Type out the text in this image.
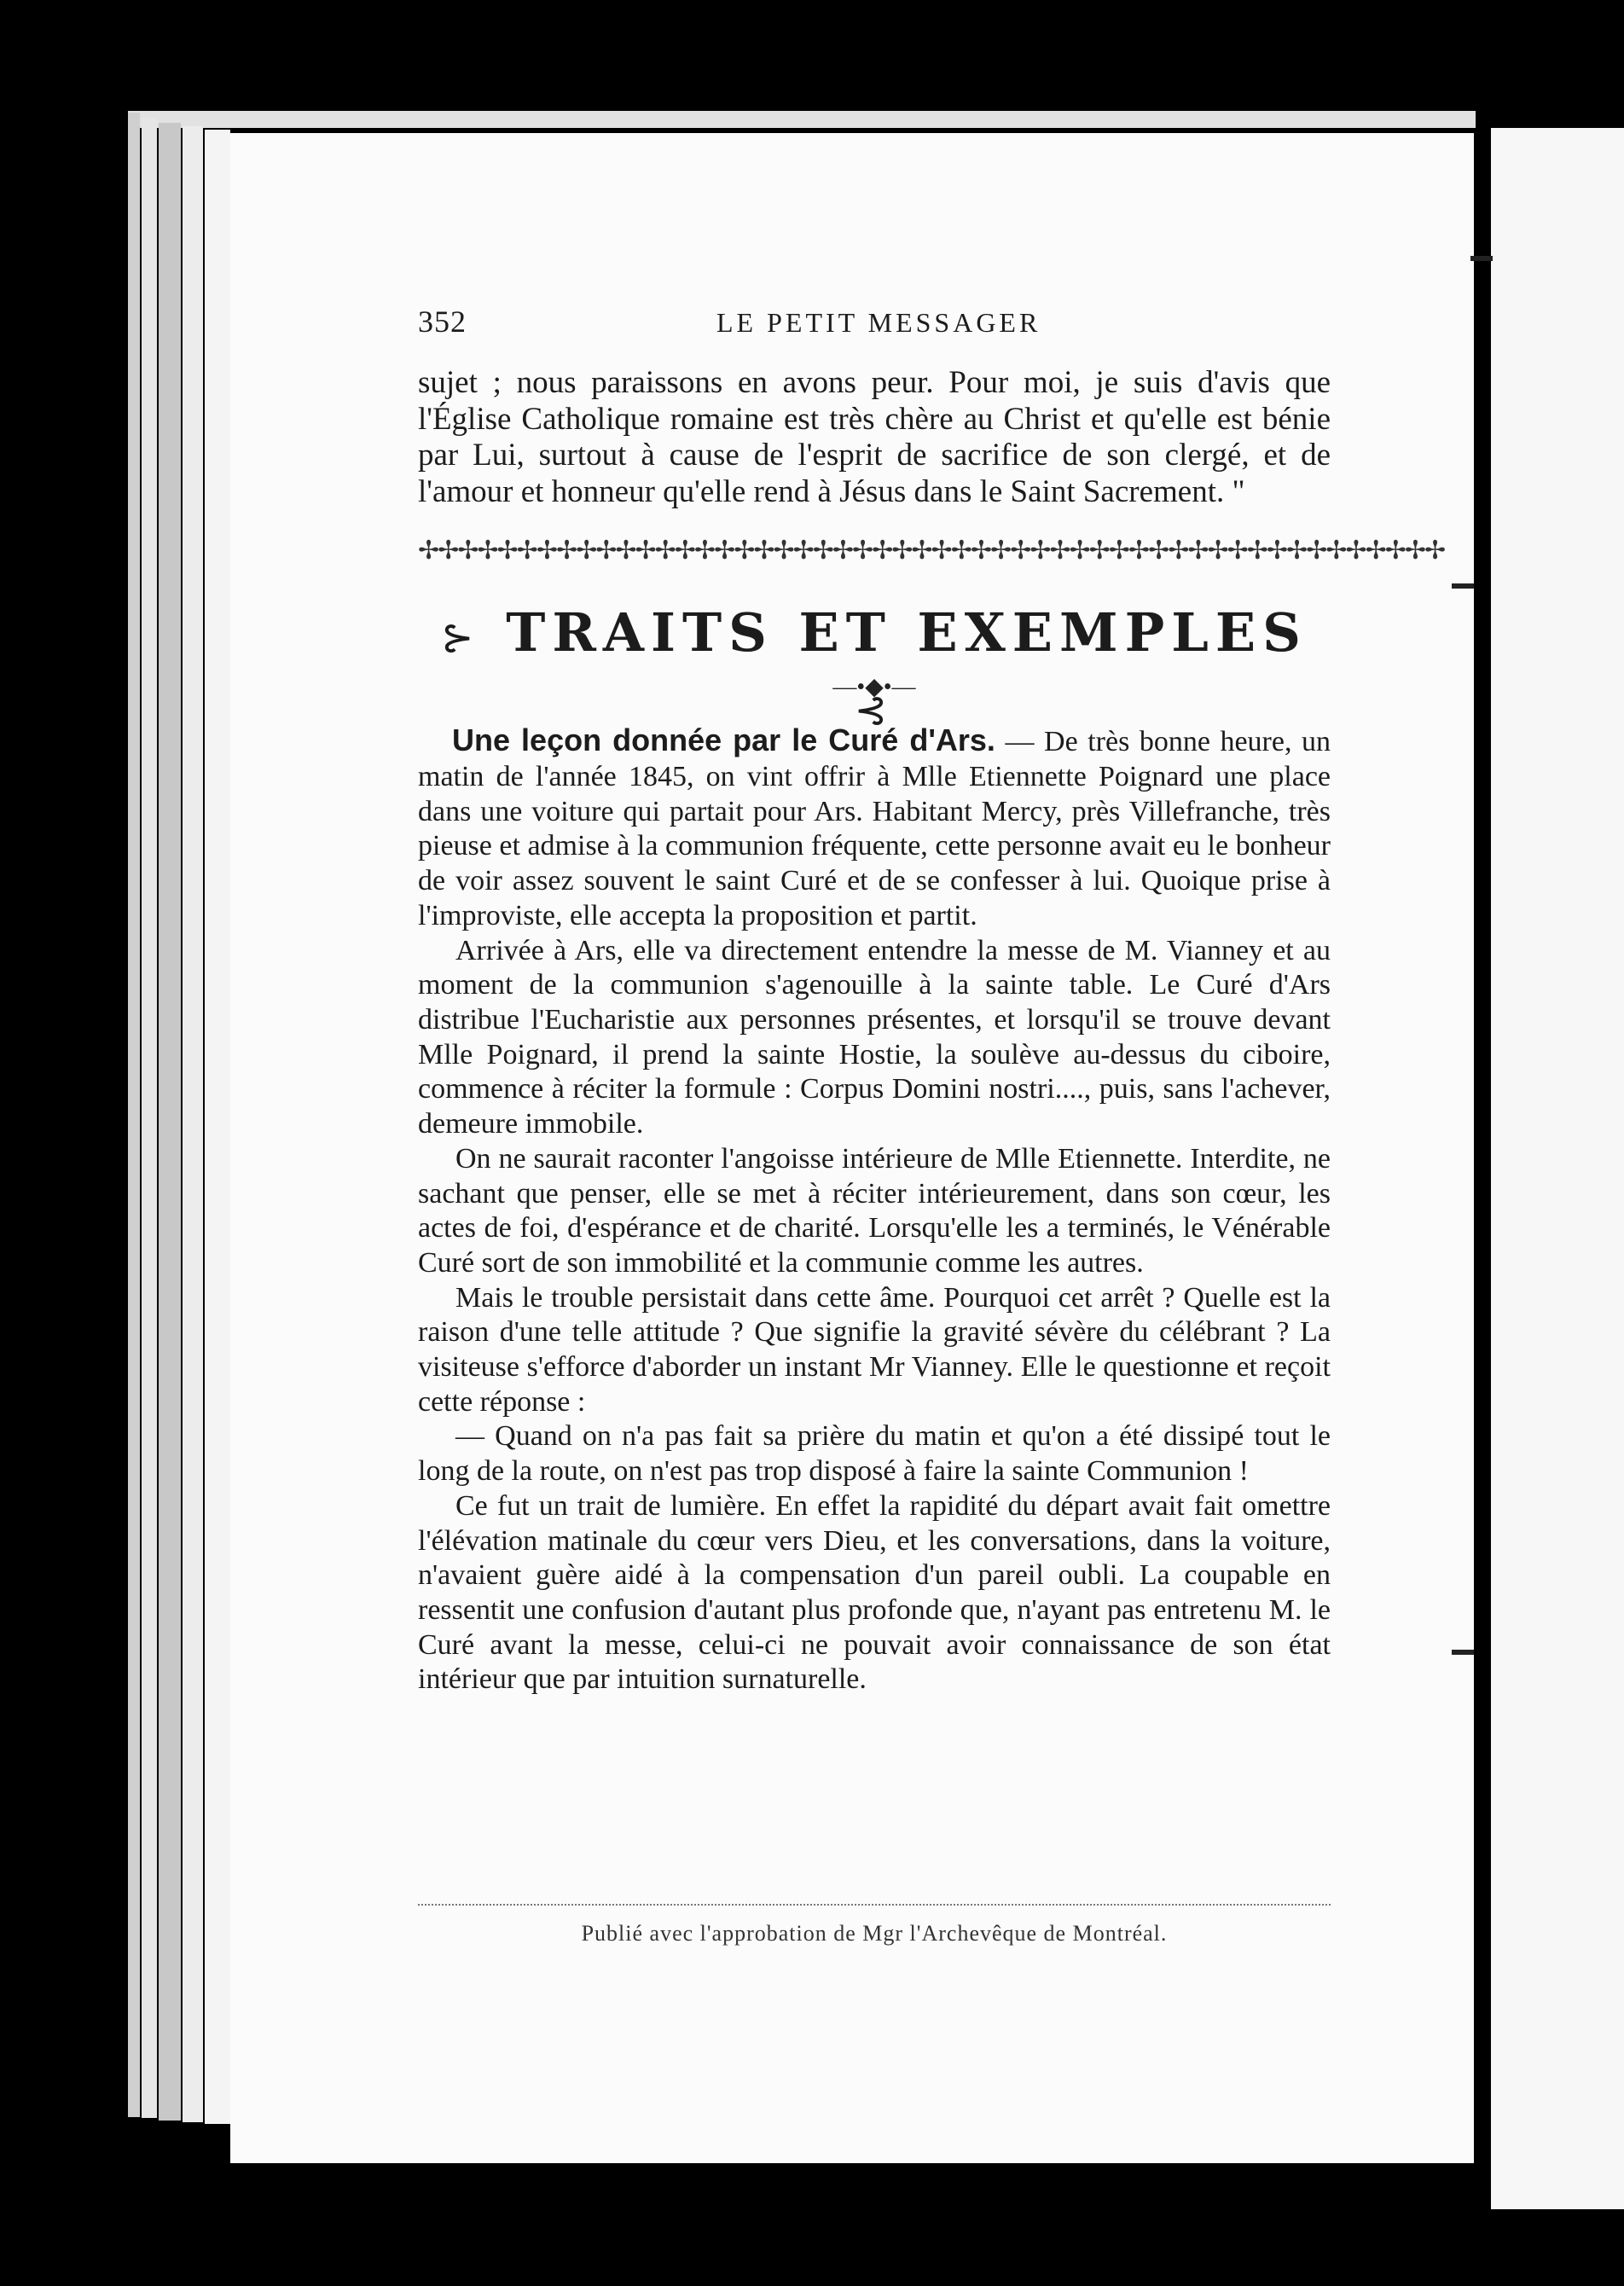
352	LE PETIT MESSAGER

sujet ; nous paraissons en avons peur. Pour moi, je suis d'avis que l'Église Catholique romaine est très chère au Christ et qu'elle est bénie par Lui, surtout à cause de l'esprit de sacrifice de son clergé, et de l'amour et honneur qu'elle rend à Jésus dans le Saint Sacrement. "

✢✢✢✢✢✢✢✢✢✢✢✢✢✢✢✢✢✢✢✢✢✢✢✢✢✢✢✢✢✢✢✢✢✢✢✢✢✢✢✢✢✢✢✢✢✢✢✢✢✢✢✢
⊱ TRAITS ET EXEMPLES ⊰
—•◆•—

Une leçon donnée par le Curé d'Ars. — De très bonne heure, un matin de l'année 1845, on vint offrir à Mlle Etiennette Poignard une place dans une voiture qui partait pour Ars. Habitant Mercy, près Villefranche, très pieuse et admise à la communion fréquente, cette personne avait eu le bonheur de voir assez souvent le saint Curé et de se confesser à lui. Quoique prise à l'improviste, elle accepta la proposition et partit.

Arrivée à Ars, elle va directement entendre la messe de M. Vianney et au moment de la communion s'agenouille à la sainte table. Le Curé d'Ars distribue l'Eucharistie aux personnes présentes, et lorsqu'il se trouve devant Mlle Poignard, il prend la sainte Hostie, la soulève au-dessus du ciboire, commence à réciter la formule : Corpus Domini nostri...., puis, sans l'achever, demeure immobile.

On ne saurait raconter l'angoisse intérieure de Mlle Etiennette. Interdite, ne sachant que penser, elle se met à réciter intérieurement, dans son cœur, les actes de foi, d'espérance et de charité. Lorsqu'elle les a terminés, le Vénérable Curé sort de son immobilité et la communie comme les autres.

Mais le trouble persistait dans cette âme. Pourquoi cet arrêt ? Quelle est la raison d'une telle attitude ? Que signifie la gravité sévère du célébrant ? La visiteuse s'efforce d'aborder un instant Mr Vianney. Elle le questionne et reçoit cette réponse :

— Quand on n'a pas fait sa prière du matin et qu'on a été dissipé tout le long de la route, on n'est pas trop disposé à faire la sainte Communion !

Ce fut un trait de lumière. En effet la rapidité du départ avait fait omettre l'élévation matinale du cœur vers Dieu, et les conversations, dans la voiture, n'avaient guère aidé à la compensation d'un pareil oubli. La coupable en ressentit une confusion d'autant plus profonde que, n'ayant pas entretenu M. le Curé avant la messe, celui-ci ne pouvait avoir connaissance de son état intérieur que par intuition surnaturelle.

Publié avec l'approbation de Mgr l'Archevêque de Montréal.
